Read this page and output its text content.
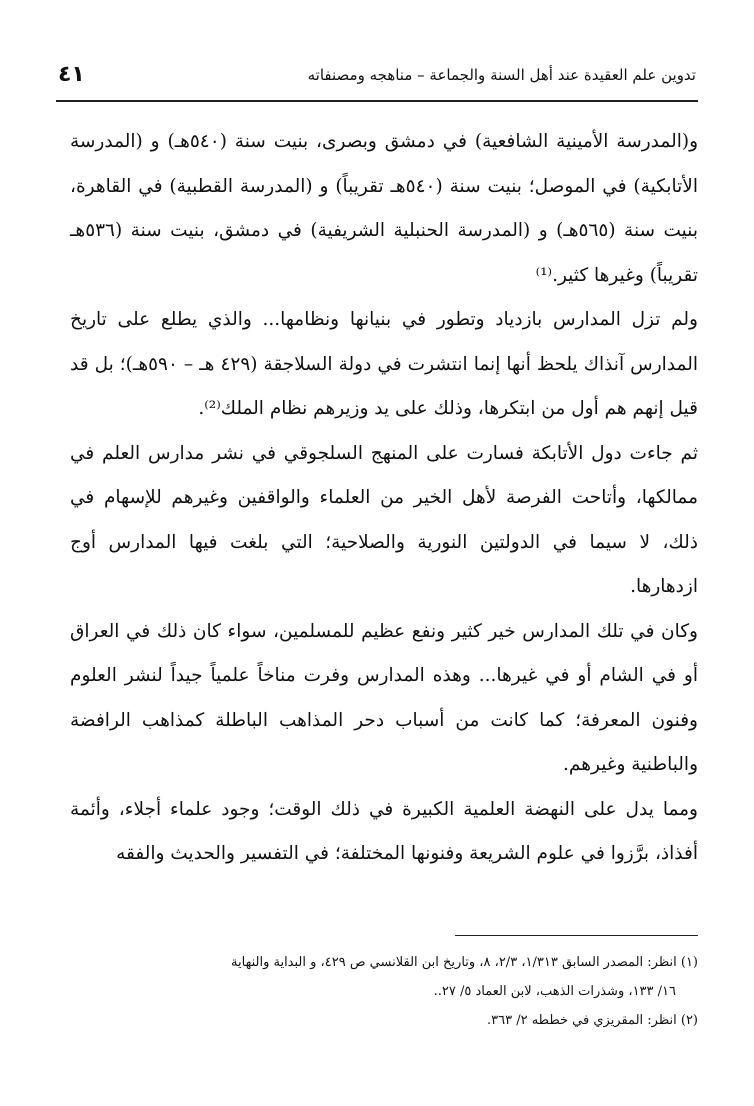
تدوين علم العقيدة عند أهل السنة والجماعة – مناهجه ومصنفاته
٤١

و(المدرسة الأمينية الشافعية) في دمشق وبصرى، بنيت سنة (٥٤٠هـ) و (المدرسة الأتابكية) في الموصل؛ بنيت سنة (٥٤٠هـ تقريباً) و (المدرسة القطبية) في القاهرة، بنيت سنة (٥٦٥هـ) و (المدرسة الحنبلية الشريفية) في دمشق، بنيت سنة (٥٣٦هـ تقريباً) وغيرها كثير.⁽¹⁾

ولم تزل المدارس بازدياد وتطور في بنيانها ونظامها... والذي يطلع على تاريخ المدارس آنذاك يلحظ أنها إنما انتشرت في دولة السلاجقة (٤٢٩ هـ – ٥٩٠هـ)؛ بل قد قيل إنهم هم أول من ابتكرها، وذلك على يد وزيرهم نظام الملك⁽²⁾.

ثم جاءت دول الأتابكة فسارت على المنهج السلجوقي في نشر مدارس العلم في ممالكها، وأتاحت الفرصة لأهل الخير من العلماء والواقفين وغيرهم للإسهام في ذلك، لا سيما في الدولتين النورية والصلاحية؛ التي بلغت فيها المدارس أوج ازدهارها.

وكان في تلك المدارس خير كثير ونفع عظيم للمسلمين، سواء كان ذلك في العراق أو في الشام أو في غيرها... وهذه المدارس وفرت مناخاً علمياً جيداً لنشر العلوم وفنون المعرفة؛ كما كانت من أسباب دحر المذاهب الباطلة كمذاهب الرافضة والباطنية وغيرهم.

ومما يدل على النهضة العلمية الكبيرة في ذلك الوقت؛ وجود علماء أجلاء، وأئمة أفذاذ، برَّزوا في علوم الشريعة وفنونها المختلفة؛ في التفسير والحديث والفقه

(١) انظر: المصدر السابق ١/٣١٣، ٢/٣، ٨، وتاريخ ابن القلانسي ص ٤٢٩، و البداية والنهاية

١٦/ ١٣٣، وشذرات الذهب، لابن العماد ٥/ ٢٧..

(٢) انظر: المقريزي في خططه ٢/ ٣٦٣.
